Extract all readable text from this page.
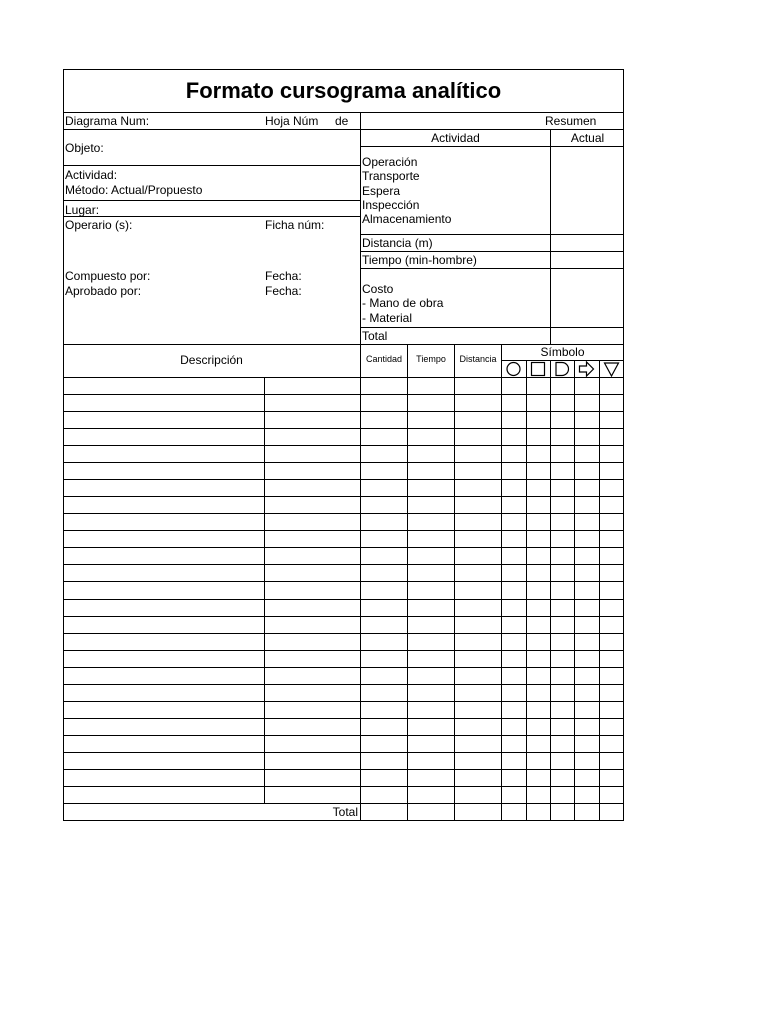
Formato cursograma analítico
Diagrama Num:	Hoja Núm de
Objeto:
Actividad:
Método: Actual/Propuesto
Lugar:
Operario (s):	Ficha núm:
Compuesto por:	Fecha:
Aprobado por:	Fecha:
Resumen
Actividad	Actual
Operación
Transporte
Espera
Inspección
Almacenamiento
Distancia (m)
Tiempo (min-hombre)
Costo
- Mano de obra
- Material
Total
Descripción	Cantidad	Tiempo	Distancia	Símbolo
Total
